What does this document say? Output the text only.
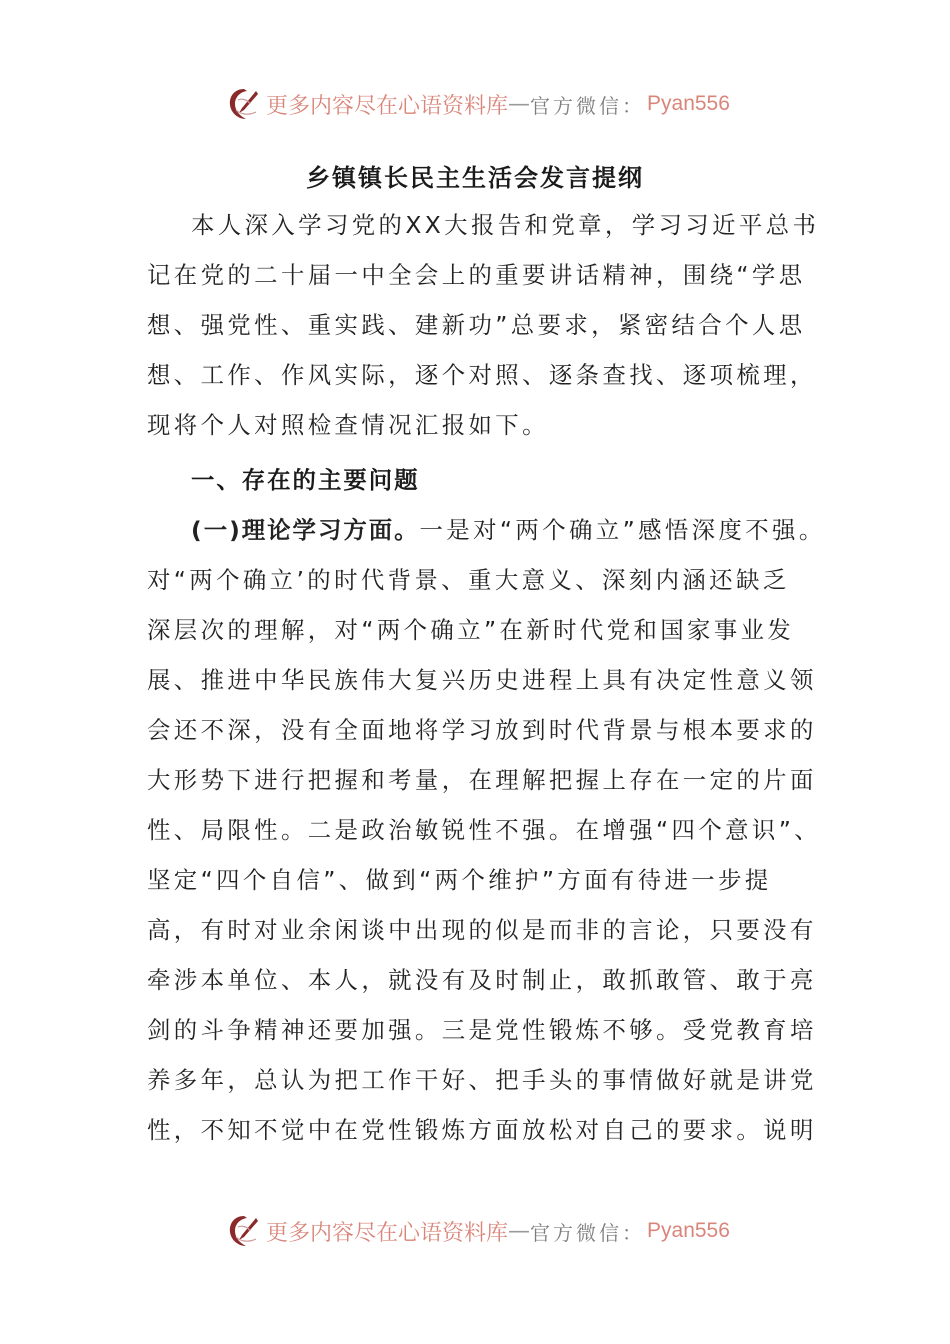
更多内容尽在心语资料库 — 官方微信： Pyan556
乡镇镇长民主生活会发言提纲
本人深入学习党的XX大报告和党章，学习习近平总书
记在党的二十届一中全会上的重要讲话精神，围绕“学思
想、强党性、重实践、建新功”总要求，紧密结合个人思
想、工作、作风实际，逐个对照、逐条查找、逐项梳理，
现将个人对照检查情况汇报如下。
一、存在的主要问题
(一)理论学习方面。一是对“两个确立”感悟深度不强。
对“两个确立’的时代背景、重大意义、深刻内涵还缺乏
深层次的理解，对“两个确立”在新时代党和国家事业发
展、推进中华民族伟大复兴历史进程上具有决定性意义领
会还不深，没有全面地将学习放到时代背景与根本要求的
大形势下进行把握和考量，在理解把握上存在一定的片面
性、局限性。二是政治敏锐性不强。在增强“四个意识”、
坚定“四个自信”、做到“两个维护”方面有待进一步提
高，有时对业余闲谈中出现的似是而非的言论，只要没有
牵涉本单位、本人，就没有及时制止，敢抓敢管、敢于亮
剑的斗争精神还要加强。三是党性锻炼不够。受党教育培
养多年，总认为把工作干好、把手头的事情做好就是讲党
性，不知不觉中在党性锻炼方面放松对自己的要求。说明
更多内容尽在心语资料库 — 官方微信： Pyan556
